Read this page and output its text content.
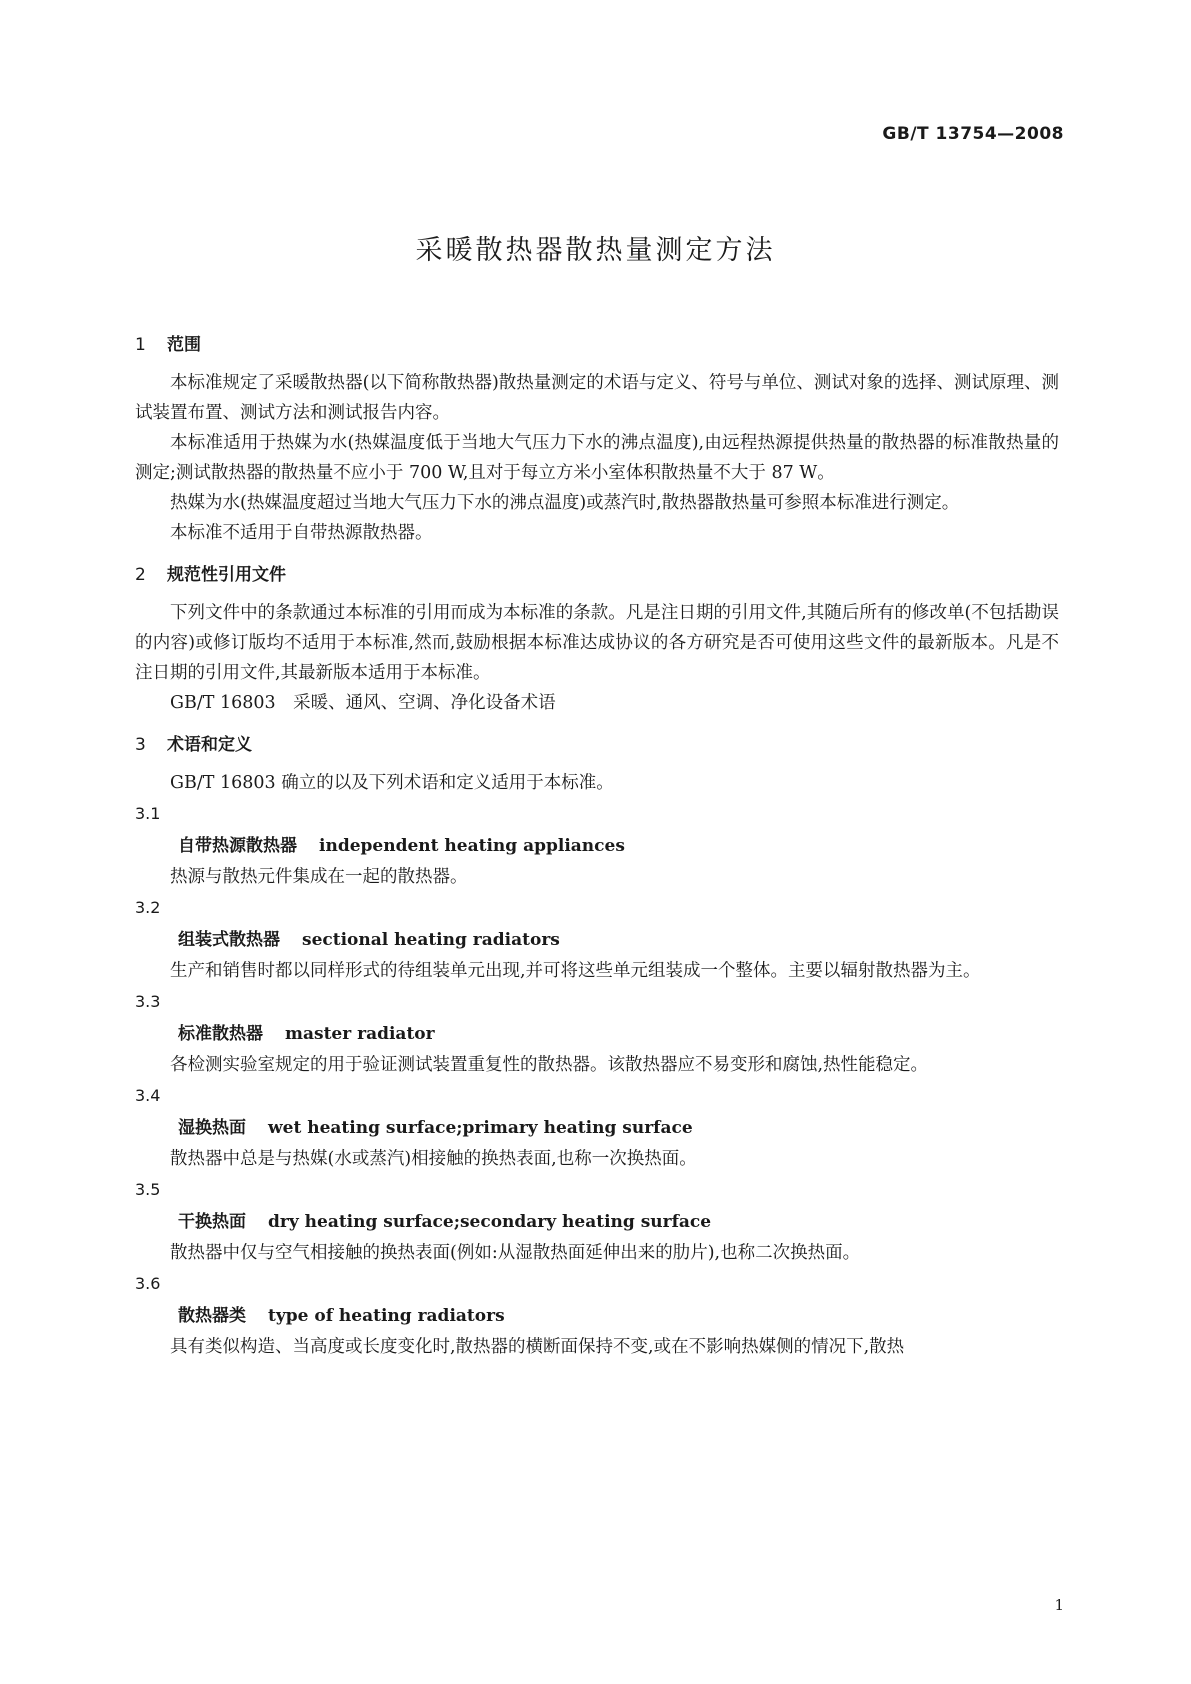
GB/T 13754—2008
采暖散热器散热量测定方法
1 范围

本标准规定了采暖散热器(以下简称散热器)散热量测定的术语与定义、符号与单位、测试对象的选择、测试原理、测试装置布置、测试方法和测试报告内容。

本标准适用于热媒为水(热媒温度低于当地大气压力下水的沸点温度),由远程热源提供热量的散热器的标准散热量的测定;测试散热器的散热量不应小于 700 W,且对于每立方米小室体积散热量不大于 87 W。

热媒为水(热媒温度超过当地大气压力下水的沸点温度)或蒸汽时,散热器散热量可参照本标准进行测定。

本标准不适用于自带热源散热器。

2 规范性引用文件

下列文件中的条款通过本标准的引用而成为本标准的条款。凡是注日期的引用文件,其随后所有的修改单(不包括勘误的内容)或修订版均不适用于本标准,然而,鼓励根据本标准达成协议的各方研究是否可使用这些文件的最新版本。凡是不注日期的引用文件,其最新版本适用于本标准。

GB/T 16803　采暖、通风、空调、净化设备术语

3 术语和定义

GB/T 16803 确立的以及下列术语和定义适用于本标准。

3.1
自带热源散热器 independent heating appliances

热源与散热元件集成在一起的散热器。

3.2
组装式散热器 sectional heating radiators

生产和销售时都以同样形式的待组装单元出现,并可将这些单元组装成一个整体。主要以辐射散热器为主。

3.3
标准散热器 master radiator

各检测实验室规定的用于验证测试装置重复性的散热器。该散热器应不易变形和腐蚀,热性能稳定。

3.4
湿换热面 wet heating surface;primary heating surface

散热器中总是与热媒(水或蒸汽)相接触的换热表面,也称一次换热面。

3.5
干换热面 dry heating surface;secondary heating surface

散热器中仅与空气相接触的换热表面(例如:从湿散热面延伸出来的肋片),也称二次换热面。

3.6
散热器类 type of heating radiators

具有类似构造、当高度或长度变化时,散热器的横断面保持不变,或在不影响热媒侧的情况下,散热

1
